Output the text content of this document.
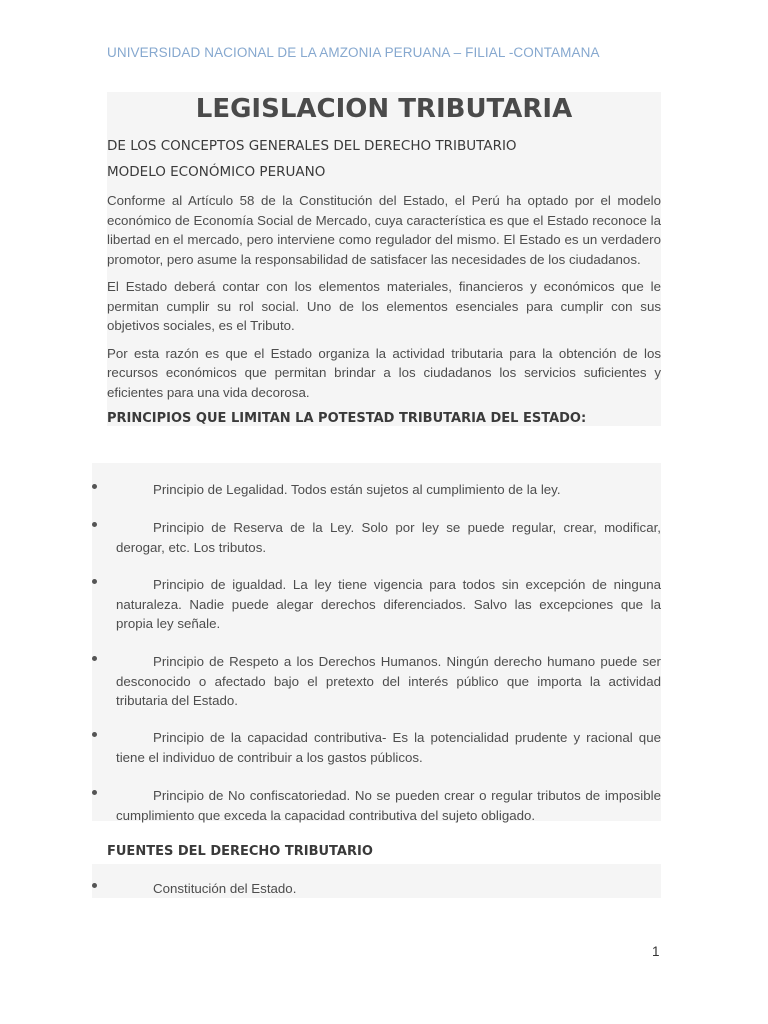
UNIVERSIDAD NACIONAL DE LA AMZONIA PERUANA – FILIAL -CONTAMANA
LEGISLACION TRIBUTARIA

DE LOS CONCEPTOS GENERALES DEL DERECHO TRIBUTARIO

MODELO ECONÓMICO PERUANO

Conforme al Artículo 58 de la Constitución del Estado, el Perú ha optado por el modelo económico de Economía Social de Mercado, cuya característica es que el Estado reconoce la libertad en el mercado, pero interviene como regulador del mismo. El Estado es un verdadero promotor, pero asume la responsabilidad de satisfacer las necesidades de los ciudadanos.

El Estado deberá contar con los elementos materiales, financieros y económicos que le permitan cumplir su rol social. Uno de los elementos esenciales para cumplir con sus objetivos sociales, es el Tributo.

Por esta razón es que el Estado organiza la actividad tributaria para la obtención de los recursos económicos que permitan brindar a los ciudadanos los servicios suficientes y eficientes para una vida decorosa.

PRINCIPIOS QUE LIMITAN LA POTESTAD TRIBUTARIA DEL ESTADO:

Principio de Legalidad. Todos están sujetos al cumplimiento de la ley.
Principio de Reserva de la Ley. Solo por ley se puede regular, crear, modificar, derogar, etc. Los tributos.
Principio de igualdad. La ley tiene vigencia para todos sin excepción de ninguna naturaleza. Nadie puede alegar derechos diferenciados. Salvo las excepciones que la propia ley señale.
Principio de Respeto a los Derechos Humanos. Ningún derecho humano puede ser desconocido o afectado bajo el pretexto del interés público que importa la actividad tributaria del Estado.
Principio de la capacidad contributiva- Es la potencialidad prudente y racional que tiene el individuo de contribuir a los gastos públicos.
Principio de No confiscatoriedad. No se pueden crear o regular tributos de imposible cumplimiento que exceda la capacidad contributiva del sujeto obligado.

FUENTES DEL DERECHO TRIBUTARIO

Constitución del Estado.
1
